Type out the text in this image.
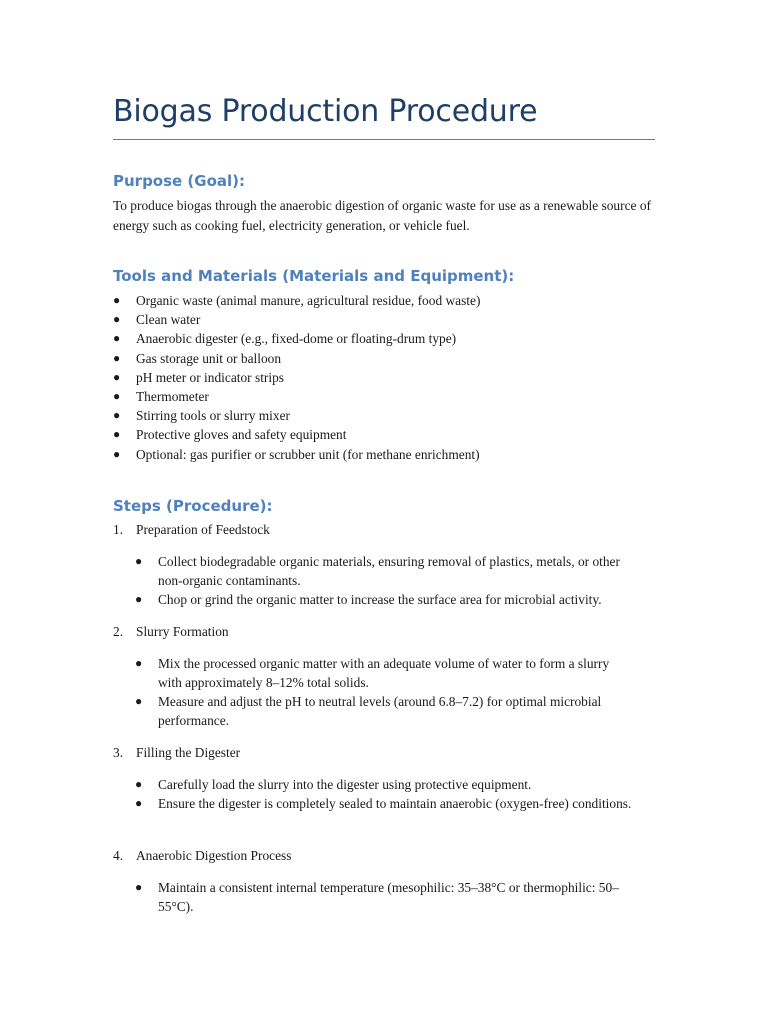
Biogas Production Procedure
Purpose (Goal):
To produce biogas through the anaerobic digestion of organic waste for use as a renewable source of energy such as cooking fuel, electricity generation, or vehicle fuel.
Tools and Materials (Materials and Equipment):
● Organic waste (animal manure, agricultural residue, food waste)
● Clean water
● Anaerobic digester (e.g., fixed-dome or floating-drum type)
● Gas storage unit or balloon
● pH meter or indicator strips
● Thermometer
● Stirring tools or slurry mixer
● Protective gloves and safety equipment
● Optional: gas purifier or scrubber unit (for methane enrichment)
Steps (Procedure):
1. Preparation of Feedstock
● Collect biodegradable organic materials, ensuring removal of plastics, metals, or other non-organic contaminants.
● Chop or grind the organic matter to increase the surface area for microbial activity.
2. Slurry Formation
● Mix the processed organic matter with an adequate volume of water to form a slurry with approximately 8–12% total solids.
● Measure and adjust the pH to neutral levels (around 6.8–7.2) for optimal microbial performance.
3. Filling the Digester
● Carefully load the slurry into the digester using protective equipment.
● Ensure the digester is completely sealed to maintain anaerobic (oxygen-free) conditions.
4. Anaerobic Digestion Process
● Maintain a consistent internal temperature (mesophilic: 35–38°C or thermophilic: 50–55°C).
